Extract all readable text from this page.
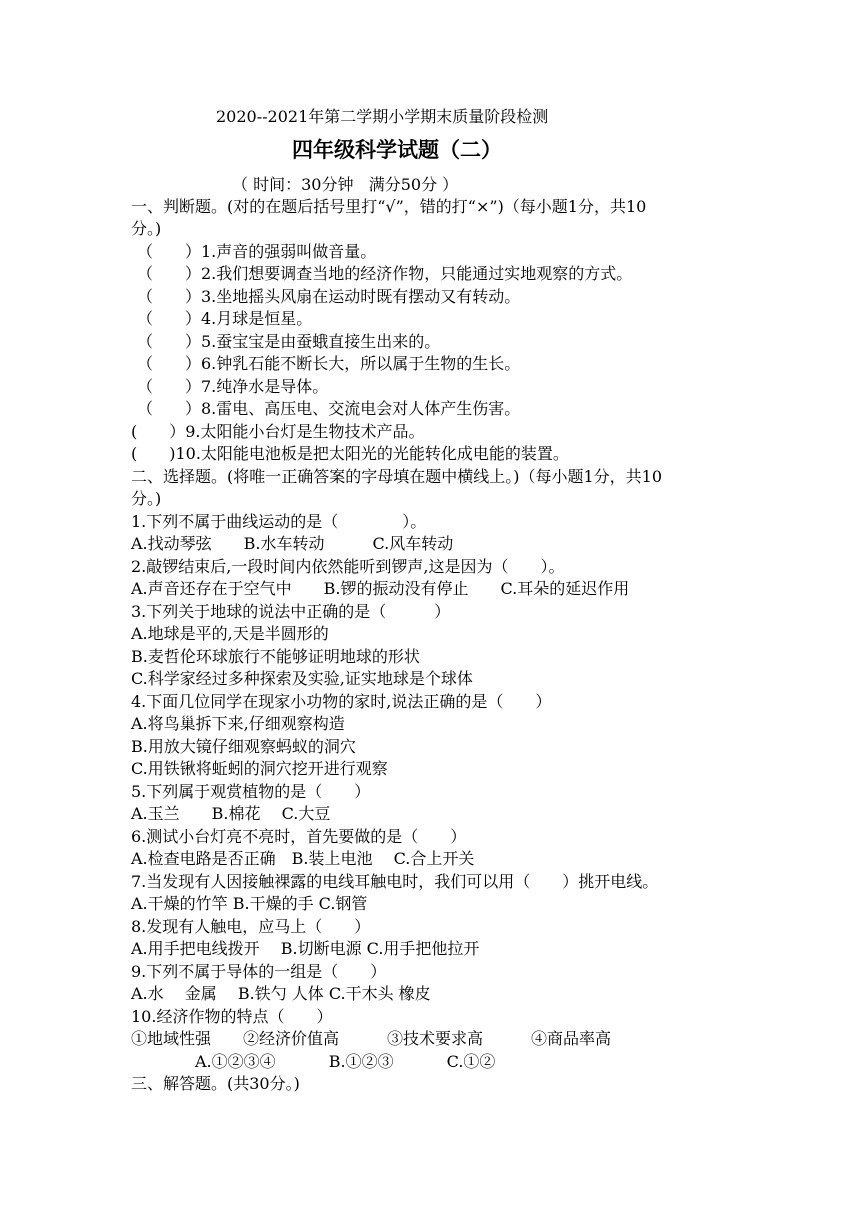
2020--2021年第二学期小学期末质量阶段检测
四年级科学试题（二）
（ 时间：30分钟   满分50分 ）
一、判断题。(对的在题后括号里打“√”，错的打“×”)（每小题1分，共10
分。)
（　　）1.声音的强弱叫做音量。
（　　）2.我们想要调查当地的经济作物，只能通过实地观察的方式。
（　　）3.坐地摇头风扇在运动时既有摆动又有转动。
（　　）4.月球是恒星。
（　　）5.蚕宝宝是由蚕蛾直接生出来的。
（　　）6.钟乳石能不断长大，所以属于生物的生长。
（　　）7.纯净水是导体。
（　　）8.雷电、高压电、交流电会对人体产生伤害。
(　　）9.太阳能小台灯是生物技术产品。
(　　)10.太阳能电池板是把太阳光的光能转化成电能的装置。
二、选择题。(将唯一正确答案的字母填在题中横线上。)（每小题1分，共10
分。)
1.下列不属于曲线运动的是（　　　　）。
A.找动琴弦　　B.水车转动　　　C.风车转动
2.敲锣结束后,一段时间内依然能听到锣声,这是因为（　　）。
A.声音还存在于空气中　　B.锣的振动没有停止　　C.耳朵的延迟作用
3.下列关于地球的说法中正确的是（　　　）
A.地球是平的,天是半圆形的
B.麦哲伦环球旅行不能够证明地球的形状
C.科学家经过多种探索及实验,证实地球是个球体
4.下面几位同学在现家小功物的家时,说法正确的是（　　）
A.将鸟巢拆下来,仔细观察构造
B.用放大镜仔细观察蚂蚁的洞穴
C.用铁锹将蚯蚓的洞穴挖开进行观察
5.下列属于观赏植物的是（　　）
A.玉兰　　B.棉花　 C.大豆
6.测试小台灯亮不亮时，首先要做的是（　　）
A.检查电路是否正确　B.装上电池　 C.合上开关
7.当发现有人因接触裸露的电线耳触电时，我们可以用（　　）挑开电线。
A.干燥的竹竿 B.干燥的手 C.钢管
8.发现有人触电，应马上（　　）
A.用手把电线拨开　 B.切断电源 C.用手把他拉开
9.下列不属于导体的一组是（　　）
A.水　 金属　 B.铁勺 人体 C.干木头 橡皮
10.经济作物的特点（　　）
①地域性强　　②经济价值高　　　③技术要求高　　　④商品率高
　　　　A.①②③④　　　 B.①②③　　　 C.①②
三、解答题。(共30分。)
